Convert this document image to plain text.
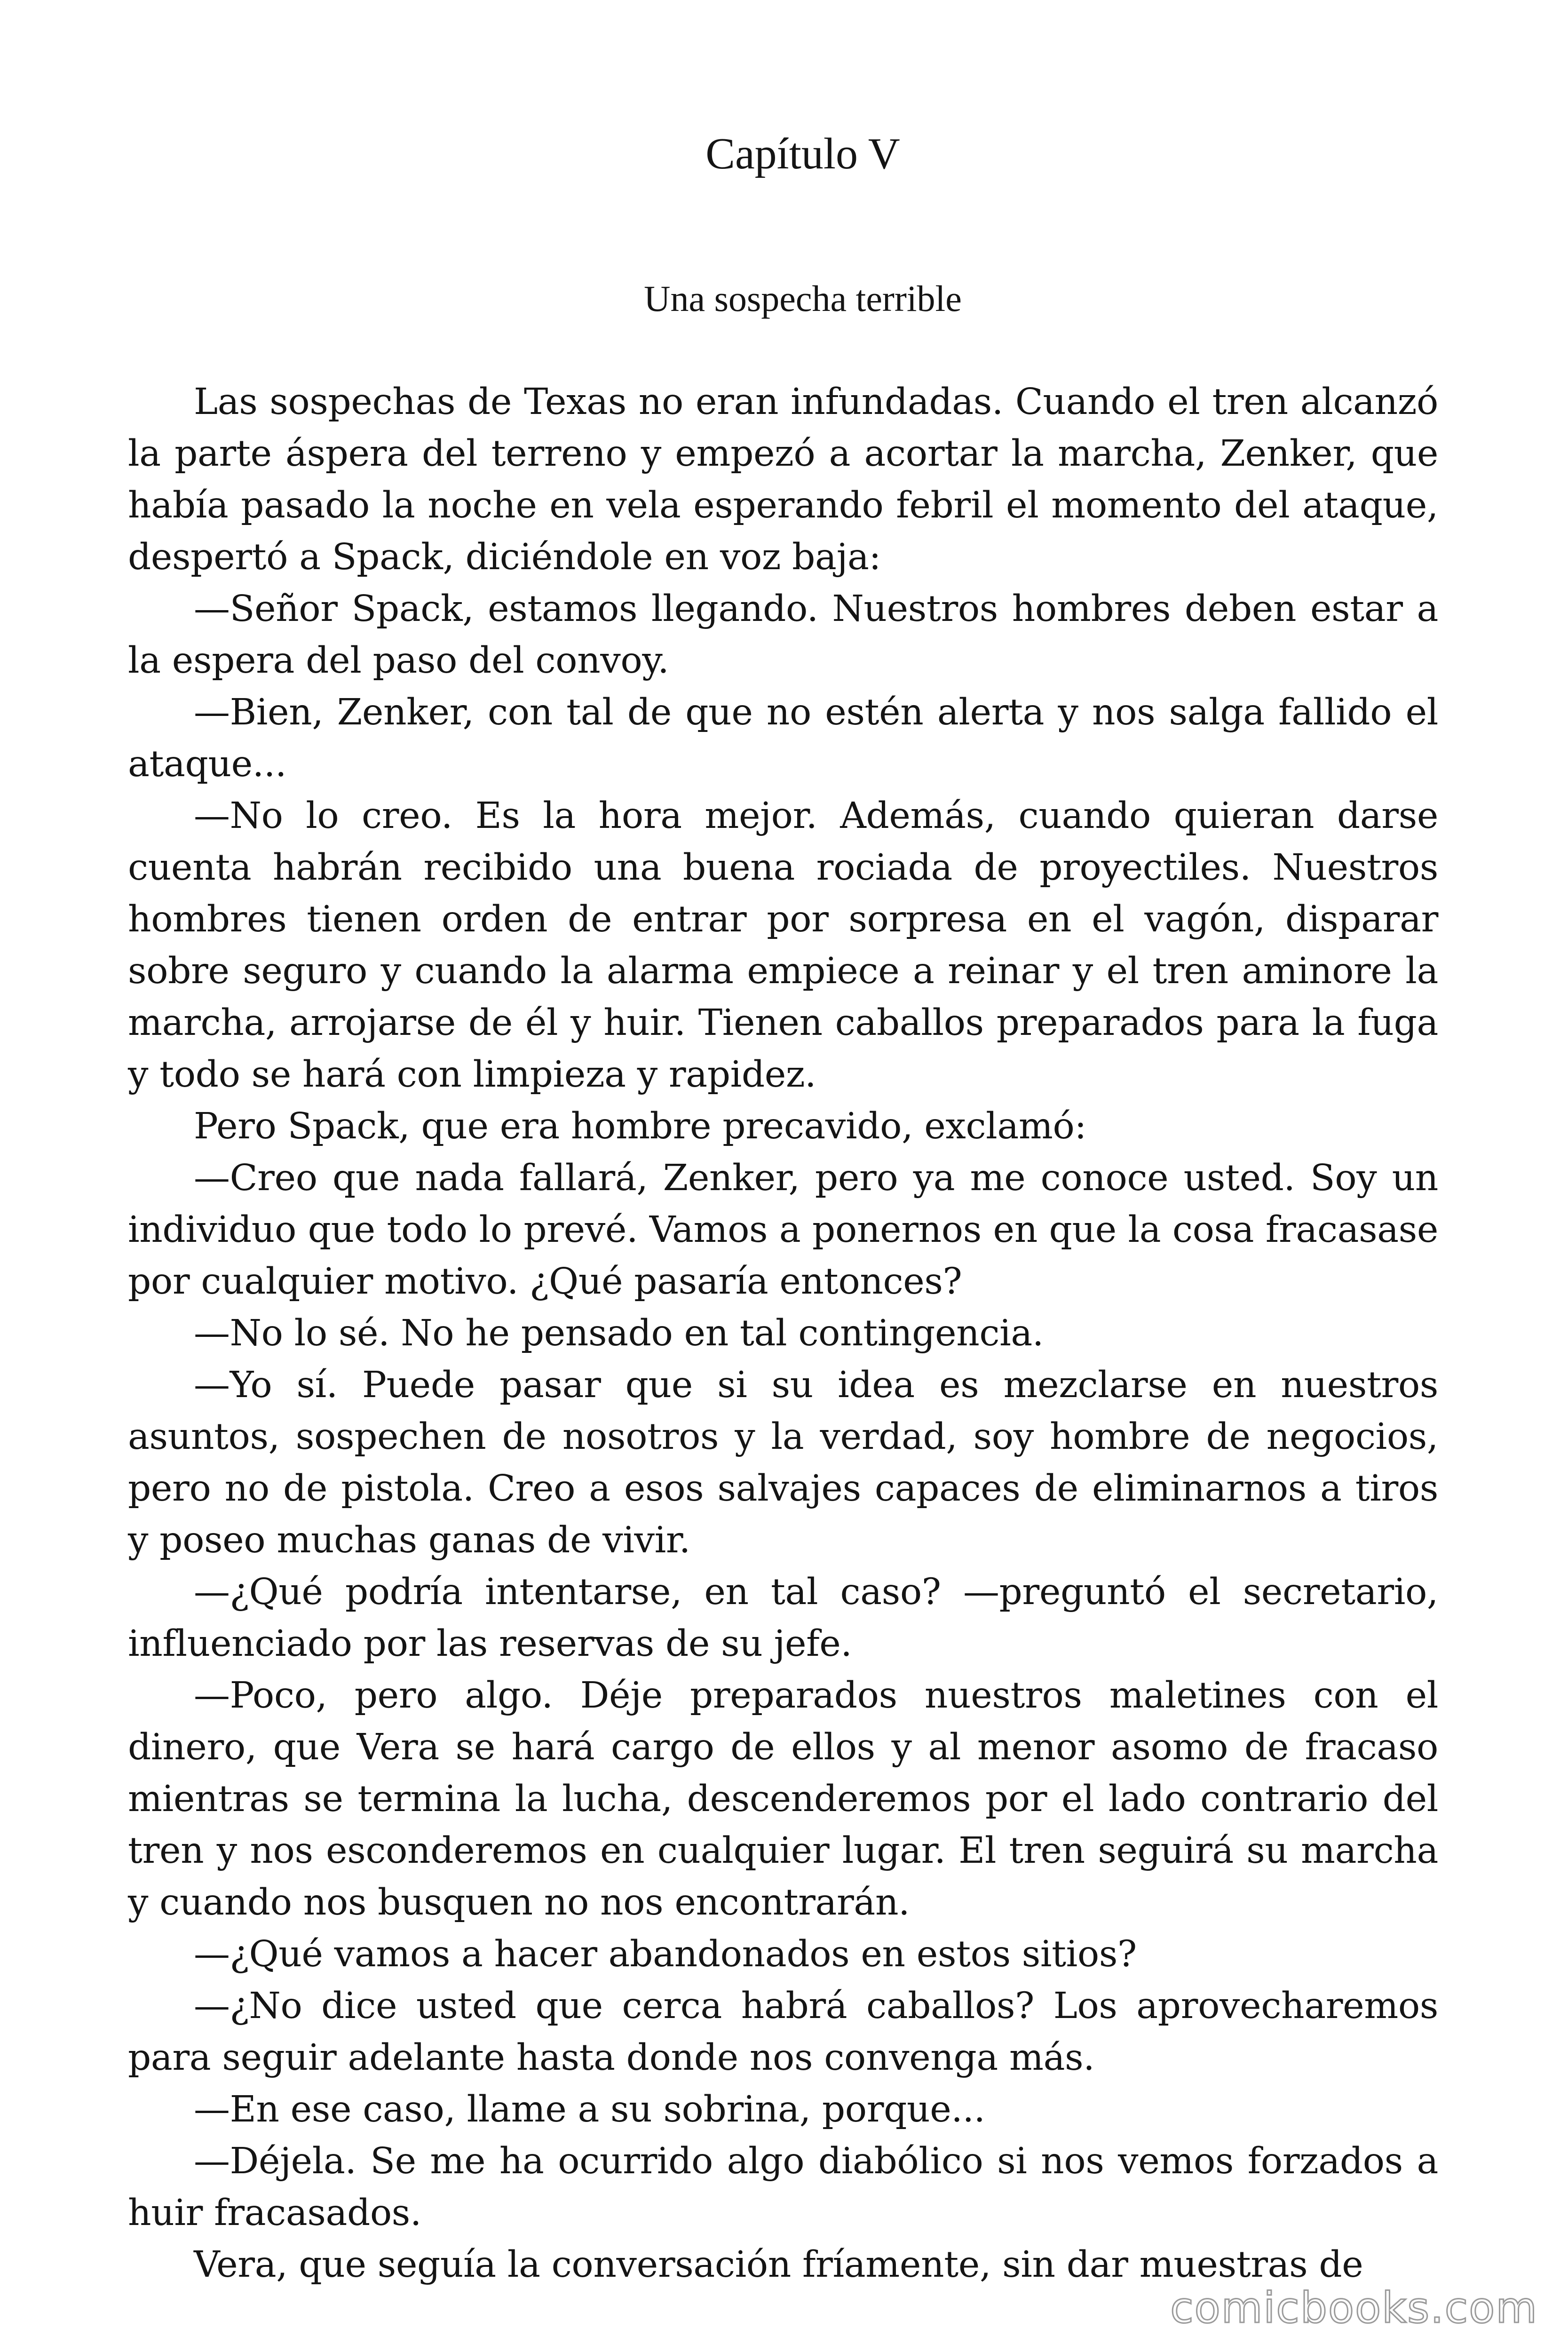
Capítulo V
Una sospecha terrible

Las sospechas de Texas no eran infundadas. Cuando el tren alcanzó la parte áspera del terreno y empezó a acortar la marcha, Zenker, que había pasado la noche en vela esperando febril el momento del ataque, despertó a Spack, diciéndole en voz baja:

—Señor Spack, estamos llegando. Nuestros hombres deben estar a la espera del paso del convoy.

—Bien, Zenker, con tal de que no estén alerta y nos salga fallido el ataque...

—No lo creo. Es la hora mejor. Además, cuando quieran darse cuenta habrán recibido una buena rociada de proyectiles. Nuestros hombres tienen orden de entrar por sorpresa en el vagón, disparar sobre seguro y cuando la alarma empiece a reinar y el tren aminore la marcha, arrojarse de él y huir. Tienen caballos preparados para la fuga y todo se hará con limpieza y rapidez.

Pero Spack, que era hombre precavido, exclamó:

—Creo que nada fallará, Zenker, pero ya me conoce usted. Soy un individuo que todo lo prevé. Vamos a ponernos en que la cosa fracasase por cualquier motivo. ¿Qué pasaría entonces?

—No lo sé. No he pensado en tal contingencia.

—Yo sí. Puede pasar que si su idea es mezclarse en nuestros asuntos, sospechen de nosotros y la verdad, soy hombre de negocios, pero no de pistola. Creo a esos salvajes capaces de eliminarnos a tiros y poseo muchas ganas de vivir.

—¿Qué podría intentarse, en tal caso? —preguntó el secretario, influenciado por las reservas de su jefe.

—Poco, pero algo. Déje preparados nuestros maletines con el dinero, que Vera se hará cargo de ellos y al menor asomo de fracaso mientras se termina la lucha, descenderemos por el lado contrario del tren y nos esconderemos en cualquier lugar. El tren seguirá su marcha y cuando nos busquen no nos encontrarán.

—¿Qué vamos a hacer abandonados en estos sitios?

—¿No dice usted que cerca habrá caballos? Los aprovecharemos para seguir adelante hasta donde nos convenga más.

—En ese caso, llame a su sobrina, porque...

—Déjela. Se me ha ocurrido algo diabólico si nos vemos forzados a huir fracasados.

Vera, que seguía la conversación fríamente, sin dar muestras de

comicbooks.com
